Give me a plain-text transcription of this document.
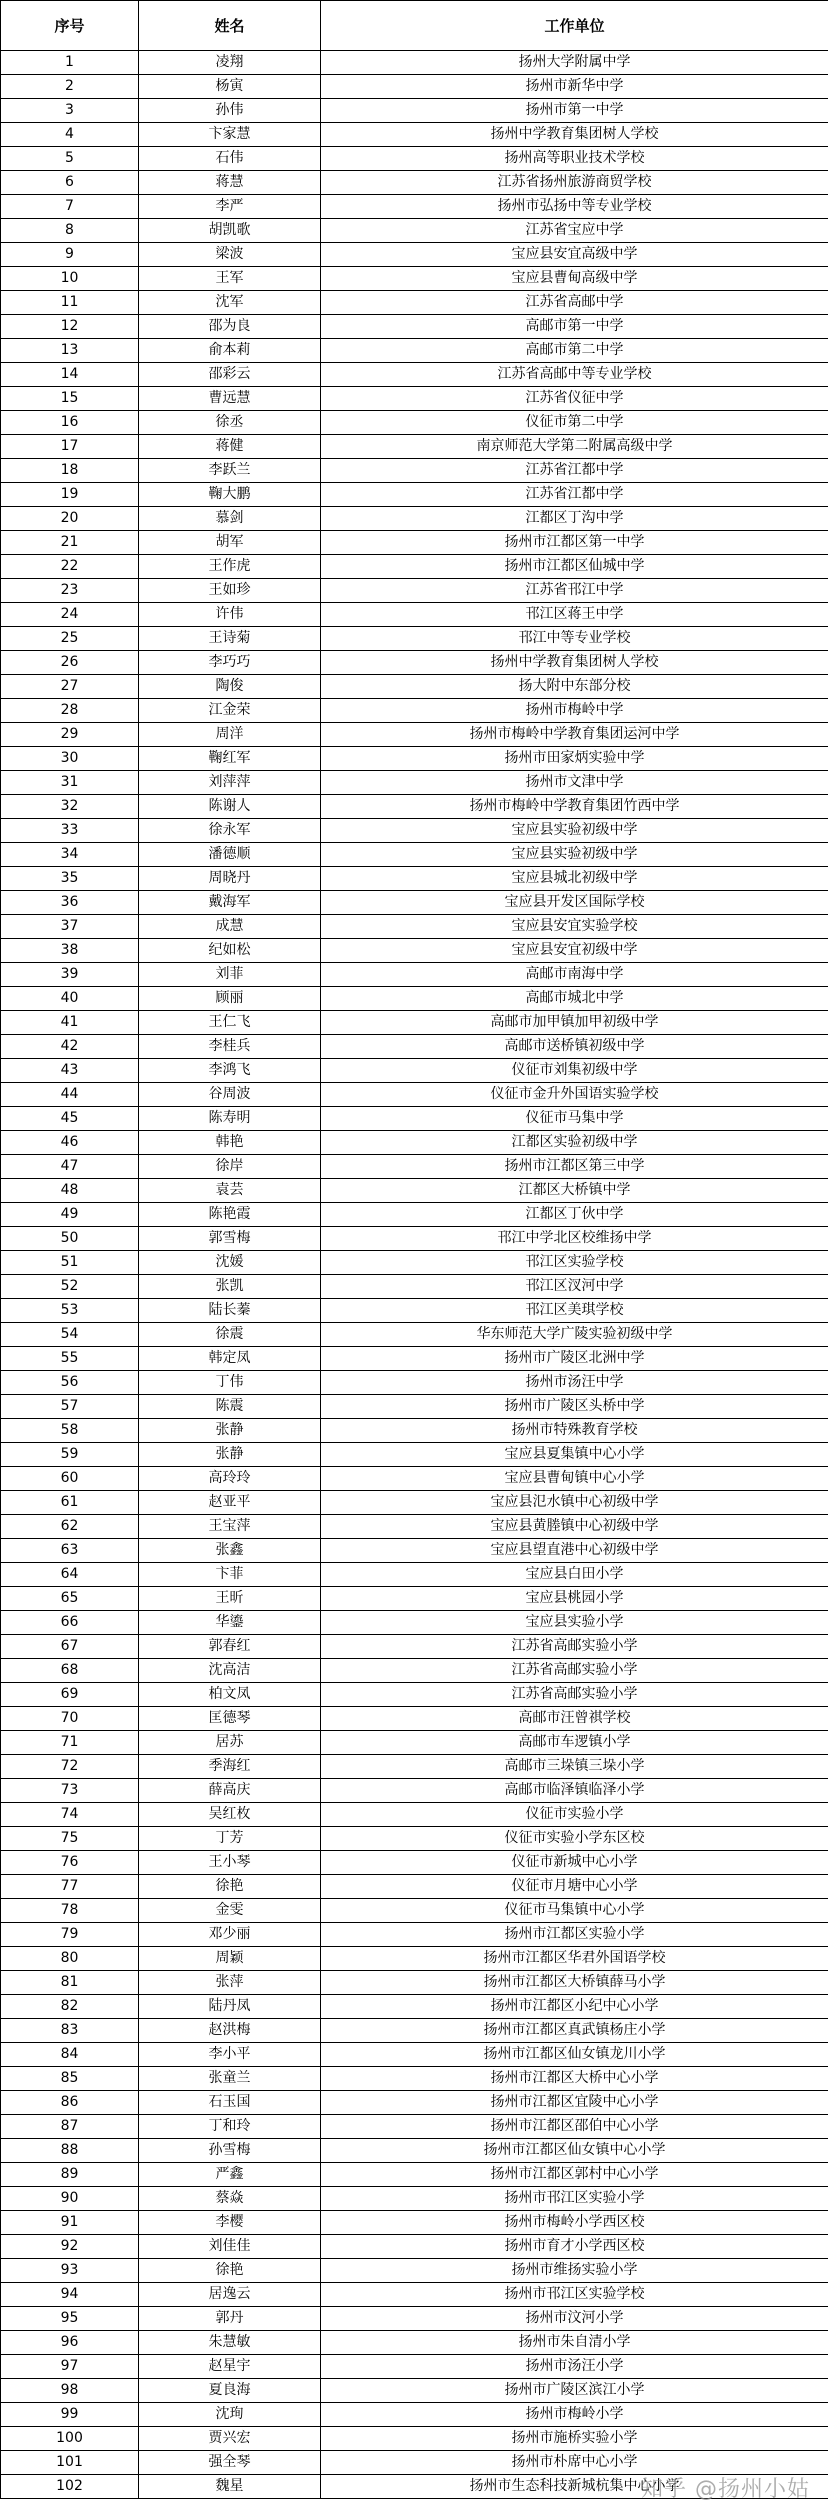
序号	姓名	工作单位
1	凌翔	扬州大学附属中学
2	杨寅	扬州市新华中学
3	孙伟	扬州市第一中学
4	卞家慧	扬州中学教育集团树人学校
5	石伟	扬州高等职业技术学校
6	蒋慧	江苏省扬州旅游商贸学校
7	李严	扬州市弘扬中等专业学校
8	胡凯歌	江苏省宝应中学
9	梁波	宝应县安宜高级中学
10	王军	宝应县曹甸高级中学
11	沈军	江苏省高邮中学
12	邵为良	高邮市第一中学
13	俞本莉	高邮市第二中学
14	邵彩云	江苏省高邮中等专业学校
15	曹远慧	江苏省仪征中学
16	徐丞	仪征市第二中学
17	蒋健	南京师范大学第二附属高级中学
18	李跃兰	江苏省江都中学
19	鞠大鹏	江苏省江都中学
20	慕剑	江都区丁沟中学
21	胡军	扬州市江都区第一中学
22	王作虎	扬州市江都区仙城中学
23	王如珍	江苏省邗江中学
24	许伟	邗江区蒋王中学
25	王诗菊	邗江中等专业学校
26	李巧巧	扬州中学教育集团树人学校
27	陶俊	扬大附中东部分校
28	江金荣	扬州市梅岭中学
29	周洋	扬州市梅岭中学教育集团运河中学
30	鞠红军	扬州市田家炳实验中学
31	刘萍萍	扬州市文津中学
32	陈谢人	扬州市梅岭中学教育集团竹西中学
33	徐永军	宝应县实验初级中学
34	潘德顺	宝应县实验初级中学
35	周晓丹	宝应县城北初级中学
36	戴海军	宝应县开发区国际学校
37	成慧	宝应县安宜实验学校
38	纪如松	宝应县安宜初级中学
39	刘菲	高邮市南海中学
40	顾丽	高邮市城北中学
41	王仁飞	高邮市加甲镇加甲初级中学
42	李桂兵	高邮市送桥镇初级中学
43	李鸿飞	仪征市刘集初级中学
44	谷周波	仪征市金升外国语实验学校
45	陈寿明	仪征市马集中学
46	韩艳	江都区实验初级中学
47	徐岸	扬州市江都区第三中学
48	袁芸	江都区大桥镇中学
49	陈艳霞	江都区丁伙中学
50	郭雪梅	邗江中学北区校维扬中学
51	沈媛	邗江区实验学校
52	张凯	邗江区汊河中学
53	陆长蓁	邗江区美琪学校
54	徐震	华东师范大学广陵实验初级中学
55	韩定凤	扬州市广陵区北洲中学
56	丁伟	扬州市汤汪中学
57	陈震	扬州市广陵区头桥中学
58	张静	扬州市特殊教育学校
59	张静	宝应县夏集镇中心小学
60	高玲玲	宝应县曹甸镇中心小学
61	赵亚平	宝应县氾水镇中心初级中学
62	王宝萍	宝应县黄塍镇中心初级中学
63	张鑫	宝应县望直港中心初级中学
64	卞菲	宝应县白田小学
65	王昕	宝应县桃园小学
66	华鎏	宝应县实验小学
67	郭春红	江苏省高邮实验小学
68	沈高洁	江苏省高邮实验小学
69	柏文凤	江苏省高邮实验小学
70	匡德琴	高邮市汪曾祺学校
71	居苏	高邮市车逻镇小学
72	季海红	高邮市三垛镇三垛小学
73	薛高庆	高邮市临泽镇临泽小学
74	吴红枚	仪征市实验小学
75	丁芳	仪征市实验小学东区校
76	王小琴	仪征市新城中心小学
77	徐艳	仪征市月塘中心小学
78	金雯	仪征市马集镇中心小学
79	邓少丽	扬州市江都区实验小学
80	周颖	扬州市江都区华君外国语学校
81	张萍	扬州市江都区大桥镇薛马小学
82	陆丹凤	扬州市江都区小纪中心小学
83	赵洪梅	扬州市江都区真武镇杨庄小学
84	李小平	扬州市江都区仙女镇龙川小学
85	张童兰	扬州市江都区大桥中心小学
86	石玉国	扬州市江都区宜陵中心小学
87	丁和玲	扬州市江都区邵伯中心小学
88	孙雪梅	扬州市江都区仙女镇中心小学
89	严鑫	扬州市江都区郭村中心小学
90	蔡焱	扬州市邗江区实验小学
91	李樱	扬州市梅岭小学西区校
92	刘佳佳	扬州市育才小学西区校
93	徐艳	扬州市维扬实验小学
94	居逸云	扬州市邗江区实验学校
95	郭丹	扬州市汶河小学
96	朱慧敏	扬州市朱自清小学
97	赵星宇	扬州市汤汪小学
98	夏良海	扬州市广陵区滨江小学
99	沈珣	扬州市梅岭小学
100	贾兴宏	扬州市施桥实验小学
101	强全琴	扬州市朴席中心小学
102	魏星	扬州市生态科技新城杭集中心小学
知乎 @扬州小姑
